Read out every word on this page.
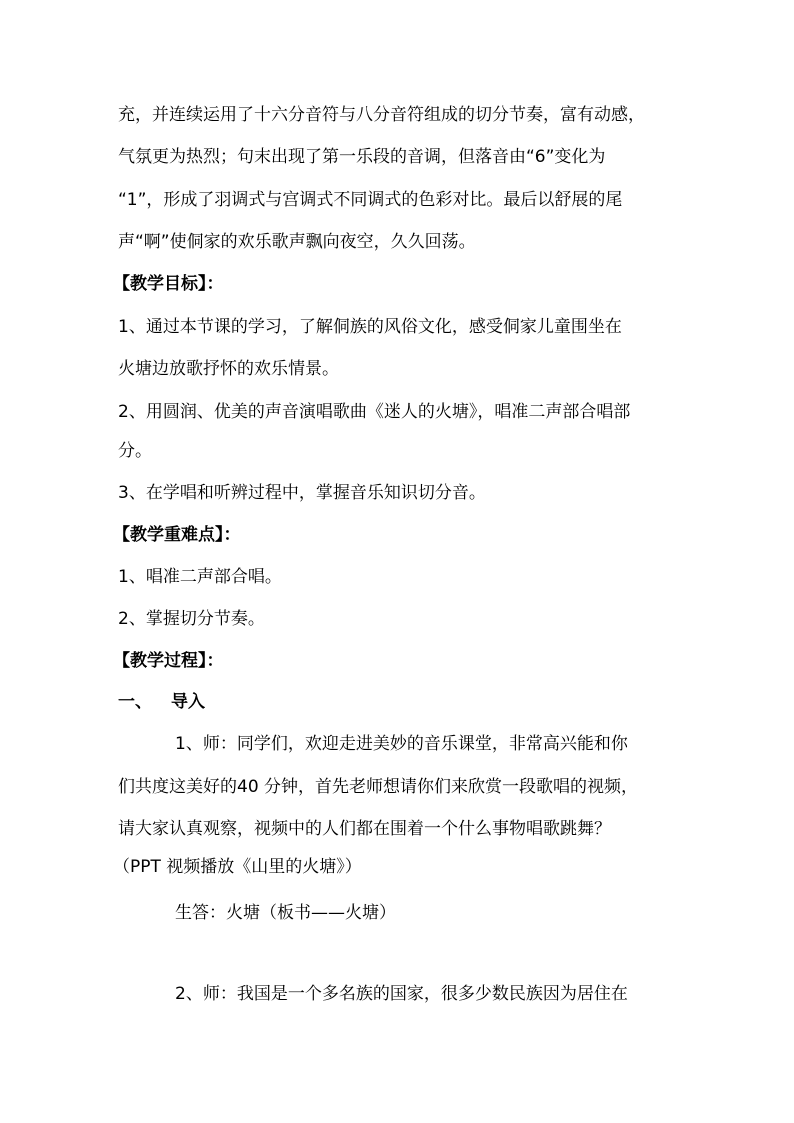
充，并连续运用了十六分音符与八分音符组成的切分节奏，富有动感，
气氛更为热烈；句末出现了第一乐段的音调，但落音由“6”变化为
“1”，形成了羽调式与宫调式不同调式的色彩对比。最后以舒展的尾
声“啊”使侗家的欢乐歌声飘向夜空，久久回荡。
【教学目标】：
1、通过本节课的学习，了解侗族的风俗文化，感受侗家儿童围坐在
火塘边放歌抒怀的欢乐情景。
2、用圆润、优美的声音演唱歌曲《迷人的火塘》，唱准二声部合唱部
分。
3、在学唱和听辨过程中，掌握音乐知识切分音。
【教学重难点】：
1、唱准二声部合唱。
2、掌握切分节奏。
【教学过程】：
一、 导入
1、师：同学们，欢迎走进美妙的音乐课堂，非常高兴能和你
们共度这美好的40 分钟，首先老师想请你们来欣赏一段歌唱的视频，
请大家认真观察，视频中的人们都在围着一个什么事物唱歌跳舞？
（PPT 视频播放《山里的火塘》）
生答：火塘（板书——火塘）
2、师：我国是一个多名族的国家，很多少数民族因为居住在
